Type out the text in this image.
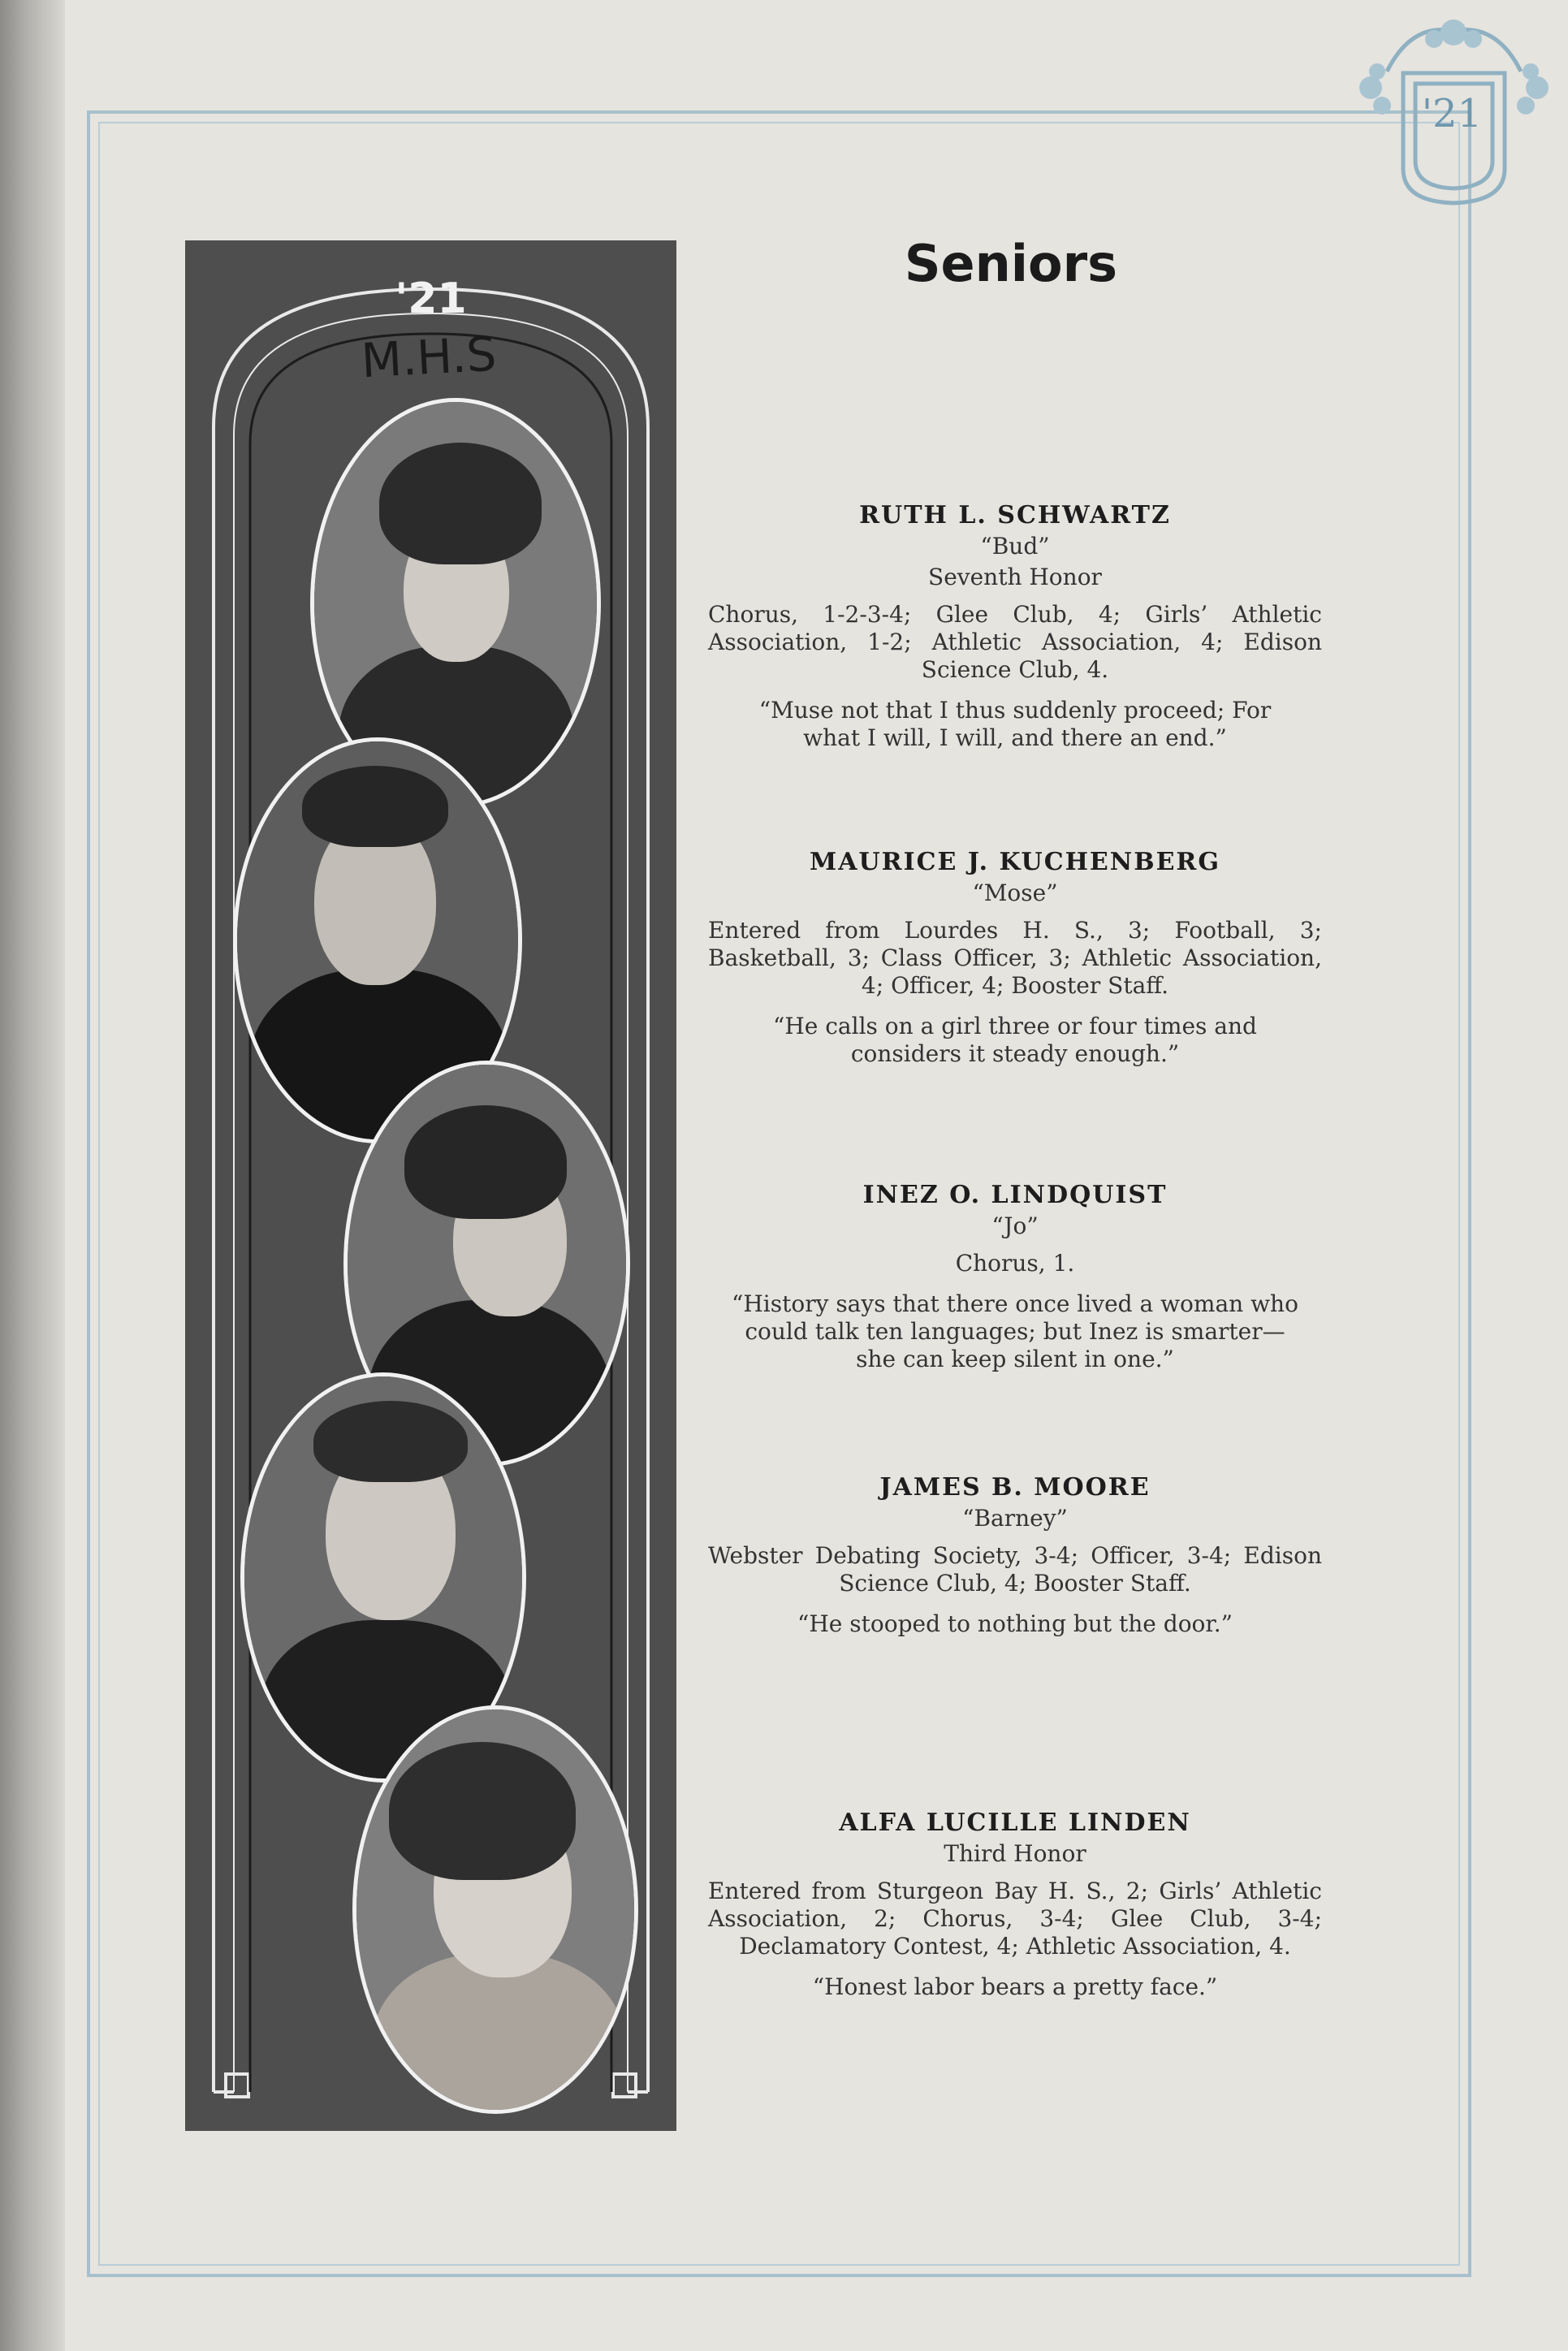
'21
M.H.S
'21
Seniors
RUTH L. SCHWARTZ
“Bud”
Seventh Honor
Chorus, 1-2-3-4; Glee Club, 4; Girls’ Athletic Association, 1-2; Athletic Association, 4; Edison Science Club, 4.
“Muse not that I thus suddenly proceed; For what I will, I will, and there an end.”
MAURICE J. KUCHENBERG
“Mose”
Entered from Lourdes H. S., 3; Football, 3; Basketball, 3; Class Officer, 3; Athletic Association, 4; Officer, 4; Booster Staff.
“He calls on a girl three or four times and considers it steady enough.”
INEZ O. LINDQUIST
“Jo”
Chorus, 1.
“History says that there once lived a woman who could talk ten languages; but Inez is smarter—she can keep silent in one.”
JAMES B. MOORE
“Barney”
Webster Debating Society, 3-4; Officer, 3-4; Edison Science Club, 4; Booster Staff.
“He stooped to nothing but the door.”
ALFA LUCILLE LINDEN
Third Honor
Entered from Sturgeon Bay H. S., 2; Girls’ Athletic Association, 2; Chorus, 3-4; Glee Club, 3-4; Declamatory Contest, 4; Athletic Association, 4.
“Honest labor bears a pretty face.”
